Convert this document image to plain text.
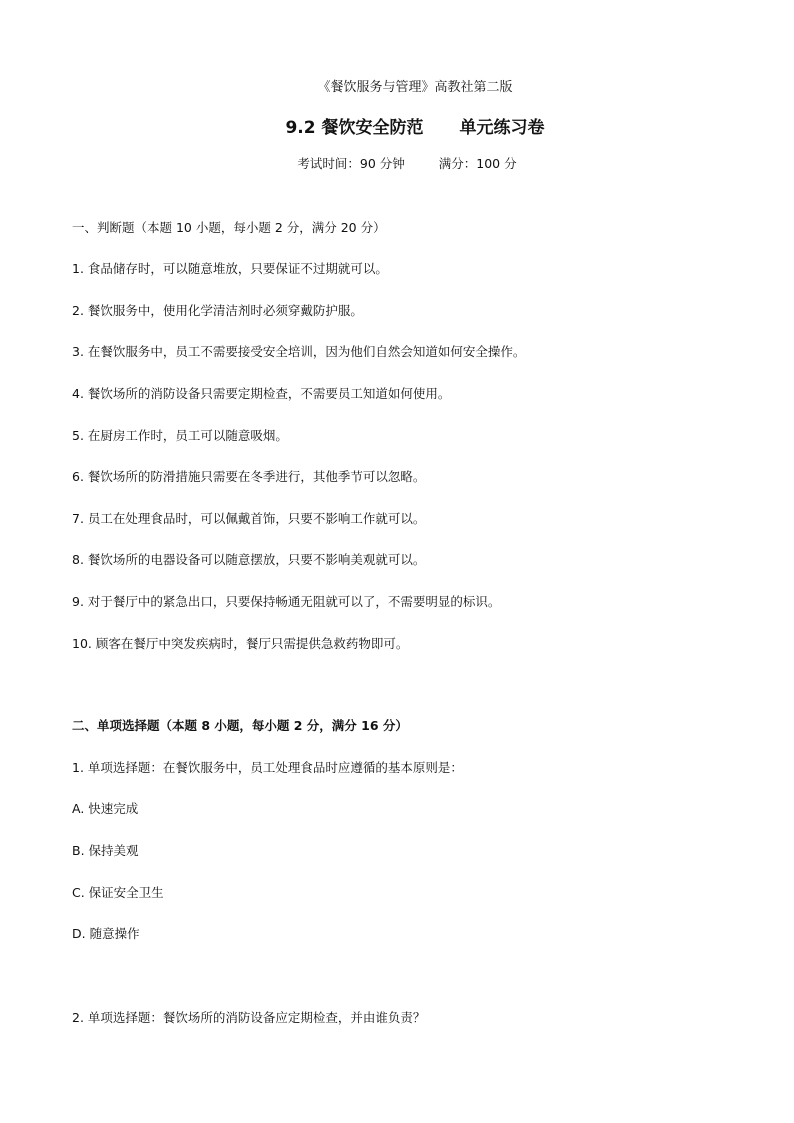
《餐饮服务与管理》高教社第二版
9.2 餐饮安全防范 单元练习卷
考试时间：90 分钟	满分：100 分
一、判断题（本题 10 小题，每小题 2 分，满分 20 分）
1. 食品储存时，可以随意堆放，只要保证不过期就可以。
2. 餐饮服务中，使用化学清洁剂时必须穿戴防护服。
3. 在餐饮服务中，员工不需要接受安全培训，因为他们自然会知道如何安全操作。
4. 餐饮场所的消防设备只需要定期检查，不需要员工知道如何使用。
5. 在厨房工作时，员工可以随意吸烟。
6. 餐饮场所的防滑措施只需要在冬季进行，其他季节可以忽略。
7. 员工在处理食品时，可以佩戴首饰，只要不影响工作就可以。
8. 餐饮场所的电器设备可以随意摆放，只要不影响美观就可以。
9. 对于餐厅中的紧急出口，只要保持畅通无阻就可以了，不需要明显的标识。
10. 顾客在餐厅中突发疾病时，餐厅只需提供急救药物即可。
二、单项选择题（本题 8 小题，每小题 2 分，满分 16 分）
1. 单项选择题：在餐饮服务中，员工处理食品时应遵循的基本原则是：
A. 快速完成
B. 保持美观
C. 保证安全卫生
D. 随意操作
2. 单项选择题：餐饮场所的消防设备应定期检查，并由谁负责？
